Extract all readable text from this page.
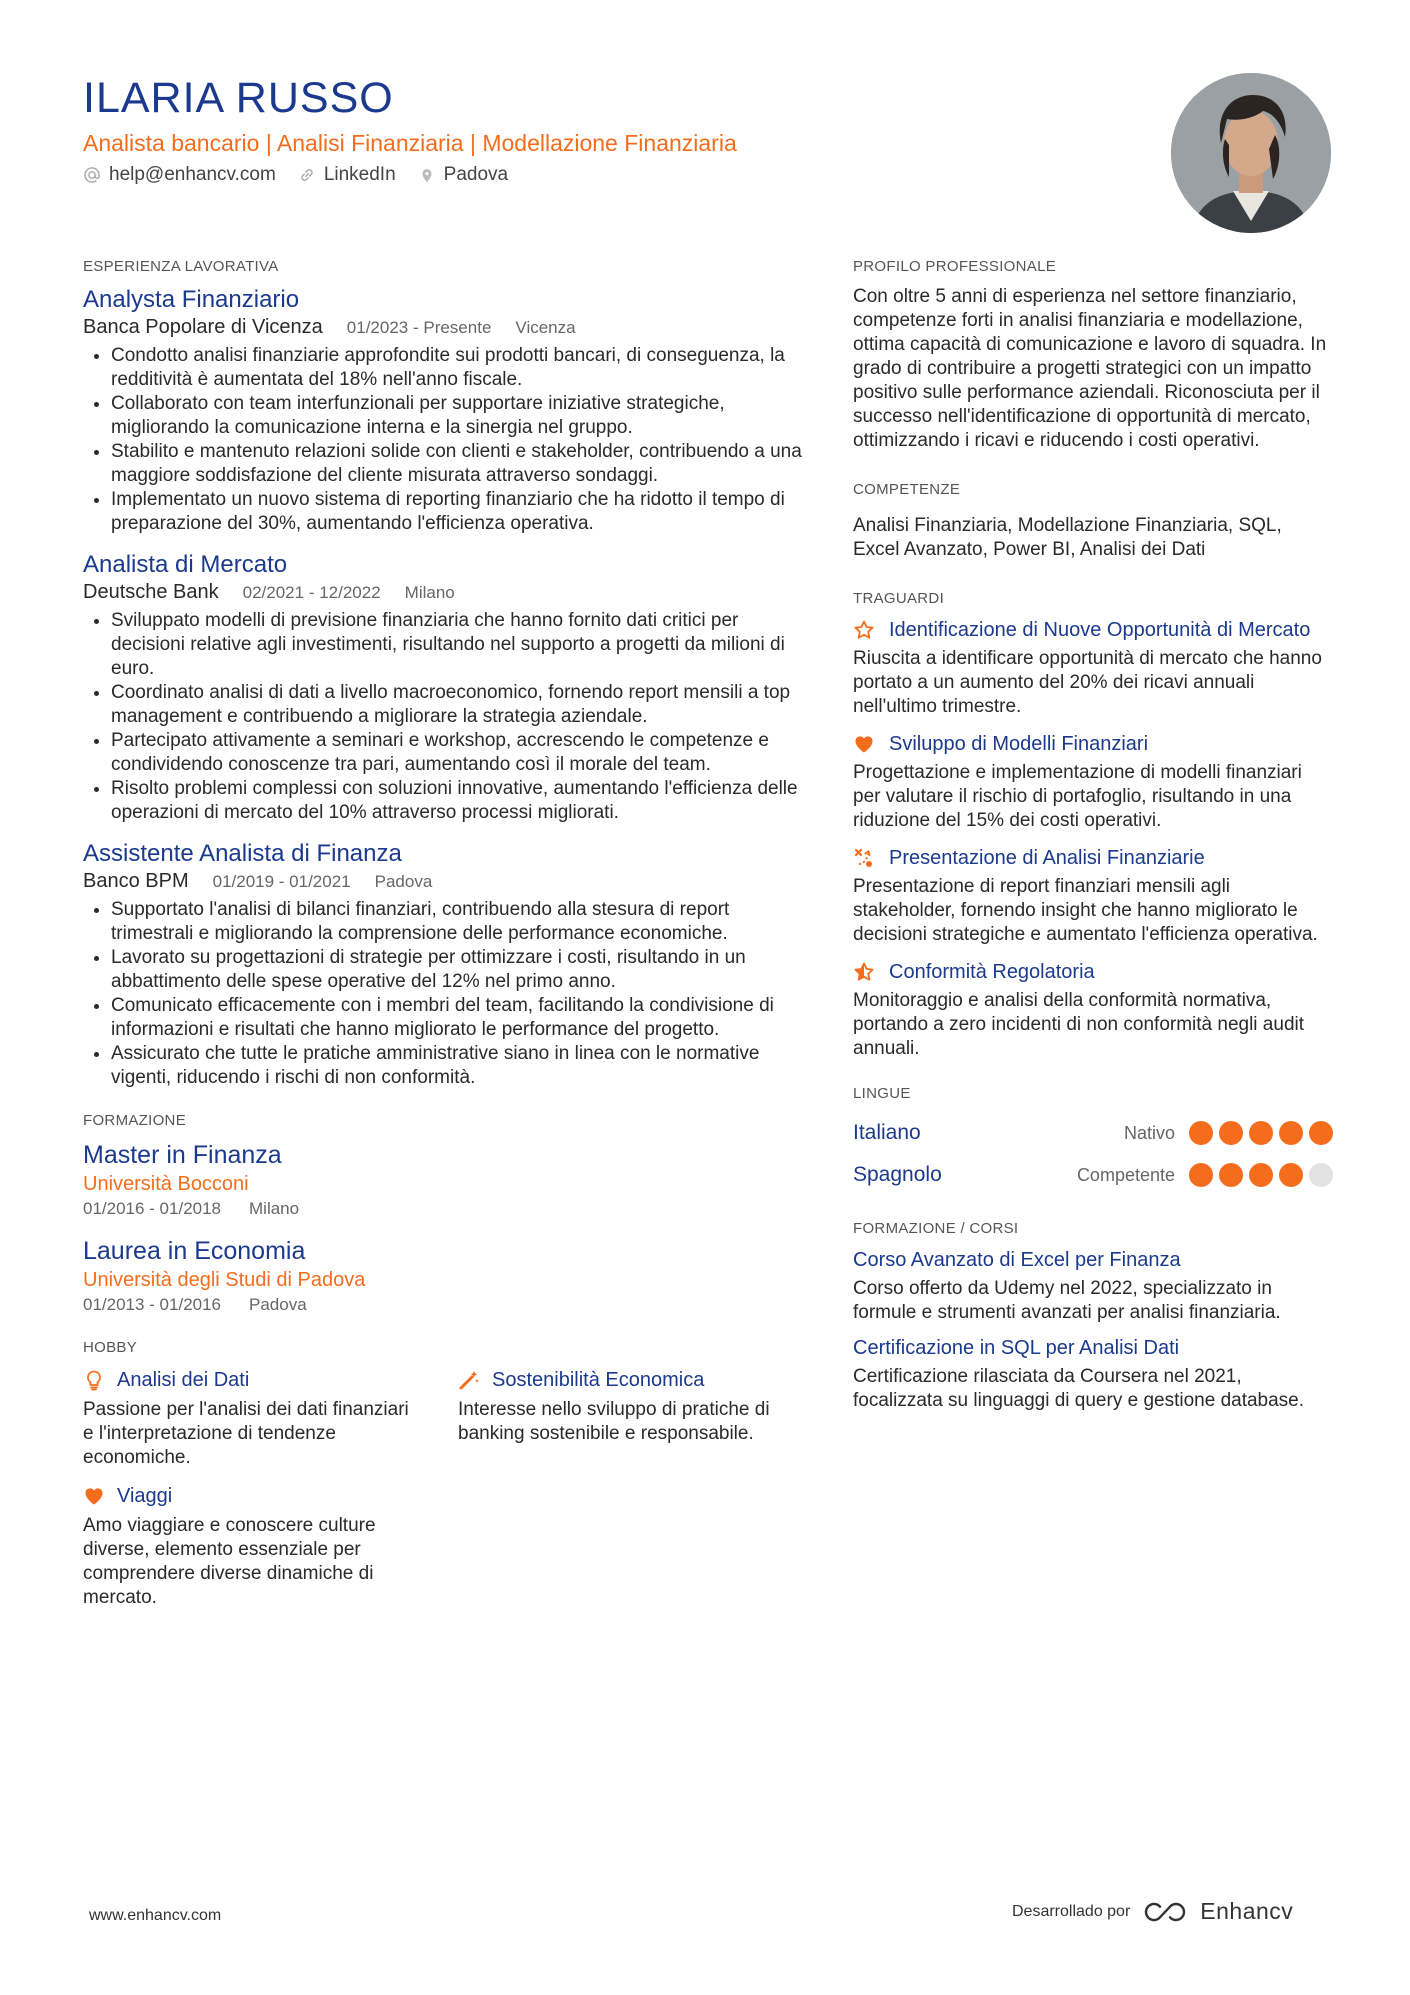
ILARIA RUSSO
Analista bancario | Analisi Finanziaria | Modellazione Finanziaria
help@enhancv.com	LinkedIn	Padova
ESPERIENZA LAVORATIVA
Analysta Finanziario
Banca Popolare di Vicenza 01/2023 - Presente Vicenza
• Condotto analisi finanziarie approfondite sui prodotti bancari, di conseguenza, la redditività è aumentata del 18% nell'anno fiscale.
• Collaborato con team interfunzionali per supportare iniziative strategiche, migliorando la comunicazione interna e la sinergia nel gruppo.
• Stabilito e mantenuto relazioni solide con clienti e stakeholder, contribuendo a una maggiore soddisfazione del cliente misurata attraverso sondaggi.
• Implementato un nuovo sistema di reporting finanziario che ha ridotto il tempo di preparazione del 30%, aumentando l'efficienza operativa.
Analista di Mercato
Deutsche Bank 02/2021 - 12/2022 Milano
• Sviluppato modelli di previsione finanziaria che hanno fornito dati critici per decisioni relative agli investimenti, risultando nel supporto a progetti da milioni di euro.
• Coordinato analisi di dati a livello macroeconomico, fornendo report mensili a top management e contribuendo a migliorare la strategia aziendale.
• Partecipato attivamente a seminari e workshop, accrescendo le competenze e condividendo conoscenze tra pari, aumentando così il morale del team.
• Risolto problemi complessi con soluzioni innovative, aumentando l'efficienza delle operazioni di mercato del 10% attraverso processi migliorati.
Assistente Analista di Finanza
Banco BPM 01/2019 - 01/2021 Padova
• Supportato l'analisi di bilanci finanziari, contribuendo alla stesura di report trimestrali e migliorando la comprensione delle performance economiche.
• Lavorato su progettazioni di strategie per ottimizzare i costi, risultando in un abbattimento delle spese operative del 12% nel primo anno.
• Comunicato efficacemente con i membri del team, facilitando la condivisione di informazioni e risultati che hanno migliorato le performance del progetto.
• Assicurato che tutte le pratiche amministrative siano in linea con le normative vigenti, riducendo i rischi di non conformità.
FORMAZIONE
Master in Finanza
Università Bocconi
01/2016 - 01/2018 Milano
Laurea in Economia
Università degli Studi di Padova
01/2013 - 01/2016 Padova
HOBBY
Analisi dei Dati
Passione per l'analisi dei dati finanziari e l'interpretazione di tendenze economiche.
Sostenibilità Economica
Interesse nello sviluppo di pratiche di banking sostenibile e responsabile.
Viaggi
Amo viaggiare e conoscere culture diverse, elemento essenziale per comprendere diverse dinamiche di mercato.
PROFILO PROFESSIONALE
Con oltre 5 anni di esperienza nel settore finanziario, competenze forti in analisi finanziaria e modellazione, ottima capacità di comunicazione e lavoro di squadra. In grado di contribuire a progetti strategici con un impatto positivo sulle performance aziendali. Riconosciuta per il successo nell'identificazione di opportunità di mercato, ottimizzando i ricavi e riducendo i costi operativi.
COMPETENZE
Analisi Finanziaria, Modellazione Finanziaria, SQL, Excel Avanzato, Power BI, Analisi dei Dati
TRAGUARDI
Identificazione di Nuove Opportunità di Mercato
Riuscita a identificare opportunità di mercato che hanno portato a un aumento del 20% dei ricavi annuali nell'ultimo trimestre.
Sviluppo di Modelli Finanziari
Progettazione e implementazione di modelli finanziari per valutare il rischio di portafoglio, risultando in una riduzione del 15% dei costi operativi.
Presentazione di Analisi Finanziarie
Presentazione di report finanziari mensili agli stakeholder, fornendo insight che hanno migliorato le decisioni strategiche e aumentato l'efficienza operativa.
Conformità Regolatoria
Monitoraggio e analisi della conformità normativa, portando a zero incidenti di non conformità negli audit annuali.
LINGUE
Italiano	Nativo
Spagnolo	Competente
FORMAZIONE / CORSI
Corso Avanzato di Excel per Finanza
Corso offerto da Udemy nel 2022, specializzato in formule e strumenti avanzati per analisi finanziaria.
Certificazione in SQL per Analisi Dati
Certificazione rilasciata da Coursera nel 2021, focalizzata su linguaggi di query e gestione database.
www.enhancv.com	Desarrollado por	Enhancv
